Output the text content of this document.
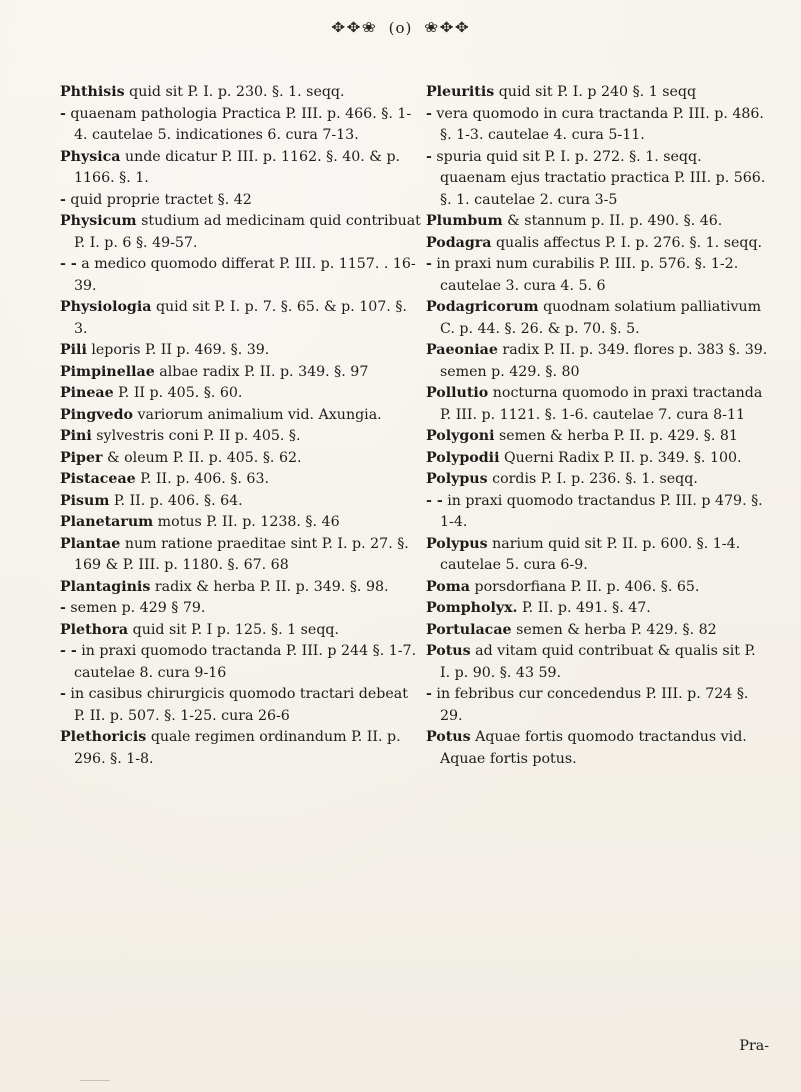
✥✥❀ (o) ❀✥✥

Phthisis quid sit P. I. p. 230. §. 1. seqq.

- quaenam pathologia Practica P. III. p. 466. §. 1-4. cautelae 5. indicationes 6. cura 7-13.

Physica unde dicatur P. III. p. 1162. §. 40. & p. 1166. §. 1.

- quid proprie tractet §. 42

Physicum studium ad medicinam quid contribuat P. I. p. 6 §. 49-57.

- - a medico quomodo differat P. III. p. 1157. . 16-39.

Physiologia quid sit P. I. p. 7. §. 65. & p. 107. §. 3.

Pili leporis P. II p. 469. §. 39.

Pimpinellae albae radix P. II. p. 349. §. 97

Pineae P. II p. 405. §. 60.

Pingvedo variorum animalium vid. Axungia.

Pini sylvestris coni P. II p. 405. §.

Piper & oleum P. II. p. 405. §. 62.

Pistaceae P. II. p. 406. §. 63.

Pisum P. II. p. 406. §. 64.

Planetarum motus P. II. p. 1238. §. 46

Plantae num ratione praeditae sint P. I. p. 27. §. 169 & P. III. p. 1180. §. 67. 68

Plantaginis radix & herba P. II. p. 349. §. 98.

- semen p. 429 § 79.

Plethora quid sit P. I p. 125. §. 1 seqq.

- - in praxi quomodo tractanda P. III. p 244 §. 1-7. cautelae 8. cura 9-16

- in casibus chirurgicis quomodo tractari debeat P. II. p. 507. §. 1-25. cura 26-6

Plethoricis quale regimen ordinandum P. II. p. 296. §. 1-8.

Pleuritis quid sit P. I. p 240 §. 1 seqq

- vera quomodo in cura tractanda P. III. p. 486. §. 1-3. cautelae 4. cura 5-11.

- spuria quid sit P. I. p. 272. §. 1. seqq. quaenam ejus tractatio practica P. III. p. 566. §. 1. cautelae 2. cura 3-5

Plumbum & stannum p. II. p. 490. §. 46.

Podagra qualis affectus P. I. p. 276. §. 1. seqq.

- in praxi num curabilis P. III. p. 576. §. 1-2. cautelae 3. cura 4. 5. 6

Podagricorum quodnam solatium palliativum C. p. 44. §. 26. & p. 70. §. 5.

Paeoniae radix P. II. p. 349. flores p. 383 §. 39. semen p. 429. §. 80

Pollutio nocturna quomodo in praxi tractanda P. III. p. 1121. §. 1-6. cautelae 7. cura 8-11

Polygoni semen & herba P. II. p. 429. §. 81

Polypodii Querni Radix P. II. p. 349. §. 100.

Polypus cordis P. I. p. 236. §. 1. seqq.

- - in praxi quomodo tractandus P. III. p 479. §. 1-4.

Polypus narium quid sit P. II. p. 600. §. 1-4. cautelae 5. cura 6-9.

Poma porsdorfiana P. II. p. 406. §. 65.

Pompholyx. P. II. p. 491. §. 47.

Portulacae semen & herba P. 429. §. 82

Potus ad vitam quid contribuat & qualis sit P. I. p. 90. §. 43 59.

- in febribus cur concedendus P. III. p. 724 §. 29.

Potus Aquae fortis quomodo tractandus vid. Aquae fortis potus.

Pra-
